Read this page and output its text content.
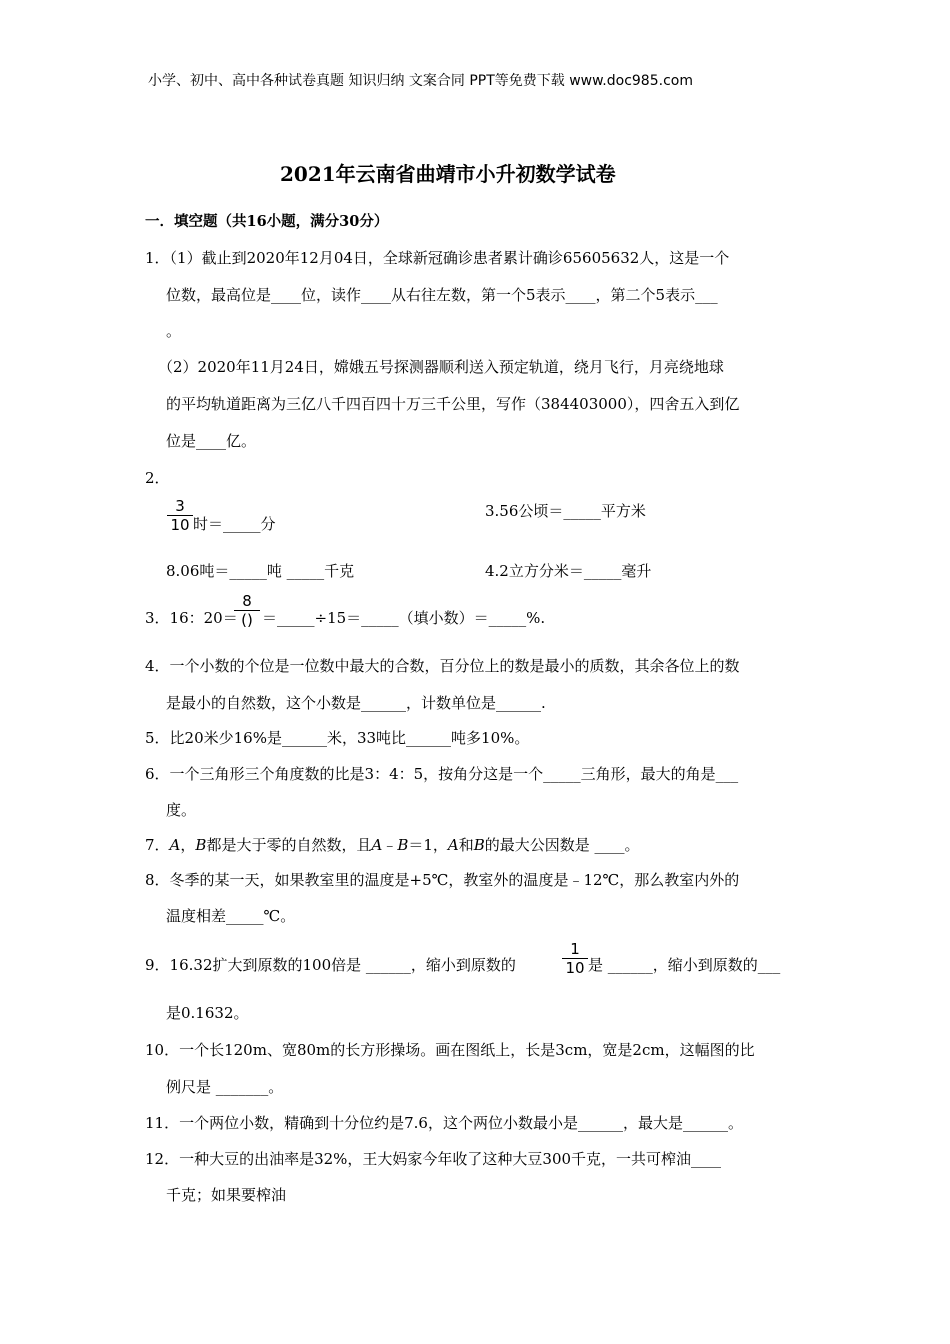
小学、初中、高中各种试卷真题 知识归纳 文案合同 PPT等免费下载 www.doc985.com
2021年云南省曲靖市小升初数学试卷
一．填空题（共16小题，满分30分）
1．（1）截止到2020年12月04日，全球新冠确诊患者累计确诊65605632人，这是一个
位数，最高位是____位，读作____从右往左数，第一个5表示____，第二个5表示___
。
（2）2020年11月24日，嫦娥五号探测器顺利送入预定轨道，绕月飞行，月亮绕地球
的平均轨道距离为三亿八千四百四十万三千公里，写作（384403000），四舍五入到亿
位是____亿。
2．
3
10 时＝_____分
3.56公顷＝_____平方米
8.06吨＝_____吨 _____千克	4.2立方分米＝_____毫升
3．16：20＝
8
() ＝_____÷15＝_____（填小数）＝_____%.
4．一个小数的个位是一位数中最大的合数，百分位上的数是最小的质数，其余各位上的数
是最小的自然数，这个小数是______，计数单位是______.
5．比20米少16%是______米，33吨比______吨多10%。
6．一个三角形三个角度数的比是3：4：5，按角分这是一个_____三角形，最大的角是___
度。
7．A，B都是大于零的自然数，且A﹣B＝1，A和B的最大公因数是 ____。
8．冬季的某一天，如果教室里的温度是+5℃，教室外的温度是﹣12℃，那么教室内外的
温度相差_____℃。
9．16.32扩大到原数的100倍是 ______，缩小到原数的
1
10 是 ______，缩小到原数的___
是0.1632。
10．一个长120m、宽80m的长方形操场。画在图纸上，长是3cm，宽是2cm，这幅图的比
例尺是 _______。
11．一个两位小数，精确到十分位约是7.6，这个两位小数最小是______，最大是______。
12．一种大豆的出油率是32%，王大妈家今年收了这种大豆300千克，一共可榨油____
千克；如果要榨油
